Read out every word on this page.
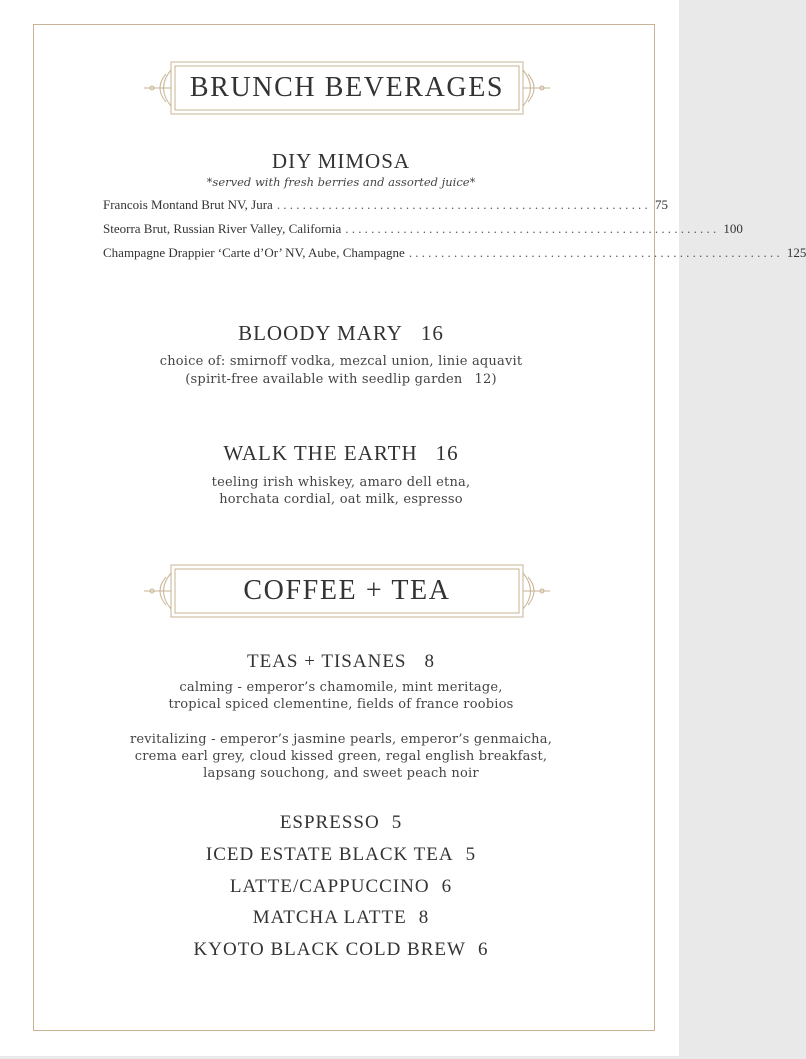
BRUNCH BEVERAGES
DIY MIMOSA
*served with fresh berries and assorted juice*
Francois Montand Brut NV, Jura .......................................................... 75
Steorra Brut, Russian River Valley, California .......................................................... 100
Champagne Drappier ‘Carte d’Or’ NV, Aube, Champagne .......................................................... 125
BLOODY MARY 16
choice of: smirnoff vodka, mezcal union, linie aquavit
(spirit-free available with seedlip garden 12)
WALK THE EARTH 16
teeling irish whiskey, amaro dell etna,
horchata cordial, oat milk, espresso
COFFEE + TEA
TEAS + TISANES 8
calming - emperor’s chamomile, mint meritage,
tropical spiced clementine, fields of france roobios
revitalizing - emperor’s jasmine pearls, emperor’s genmaicha,
crema earl grey, cloud kissed green, regal english breakfast,
lapsang souchong, and sweet peach noir
ESPRESSO 5
ICED ESTATE BLACK TEA 5
LATTE/CAPPUCCINO 6
MATCHA LATTE 8
KYOTO BLACK COLD BREW 6
